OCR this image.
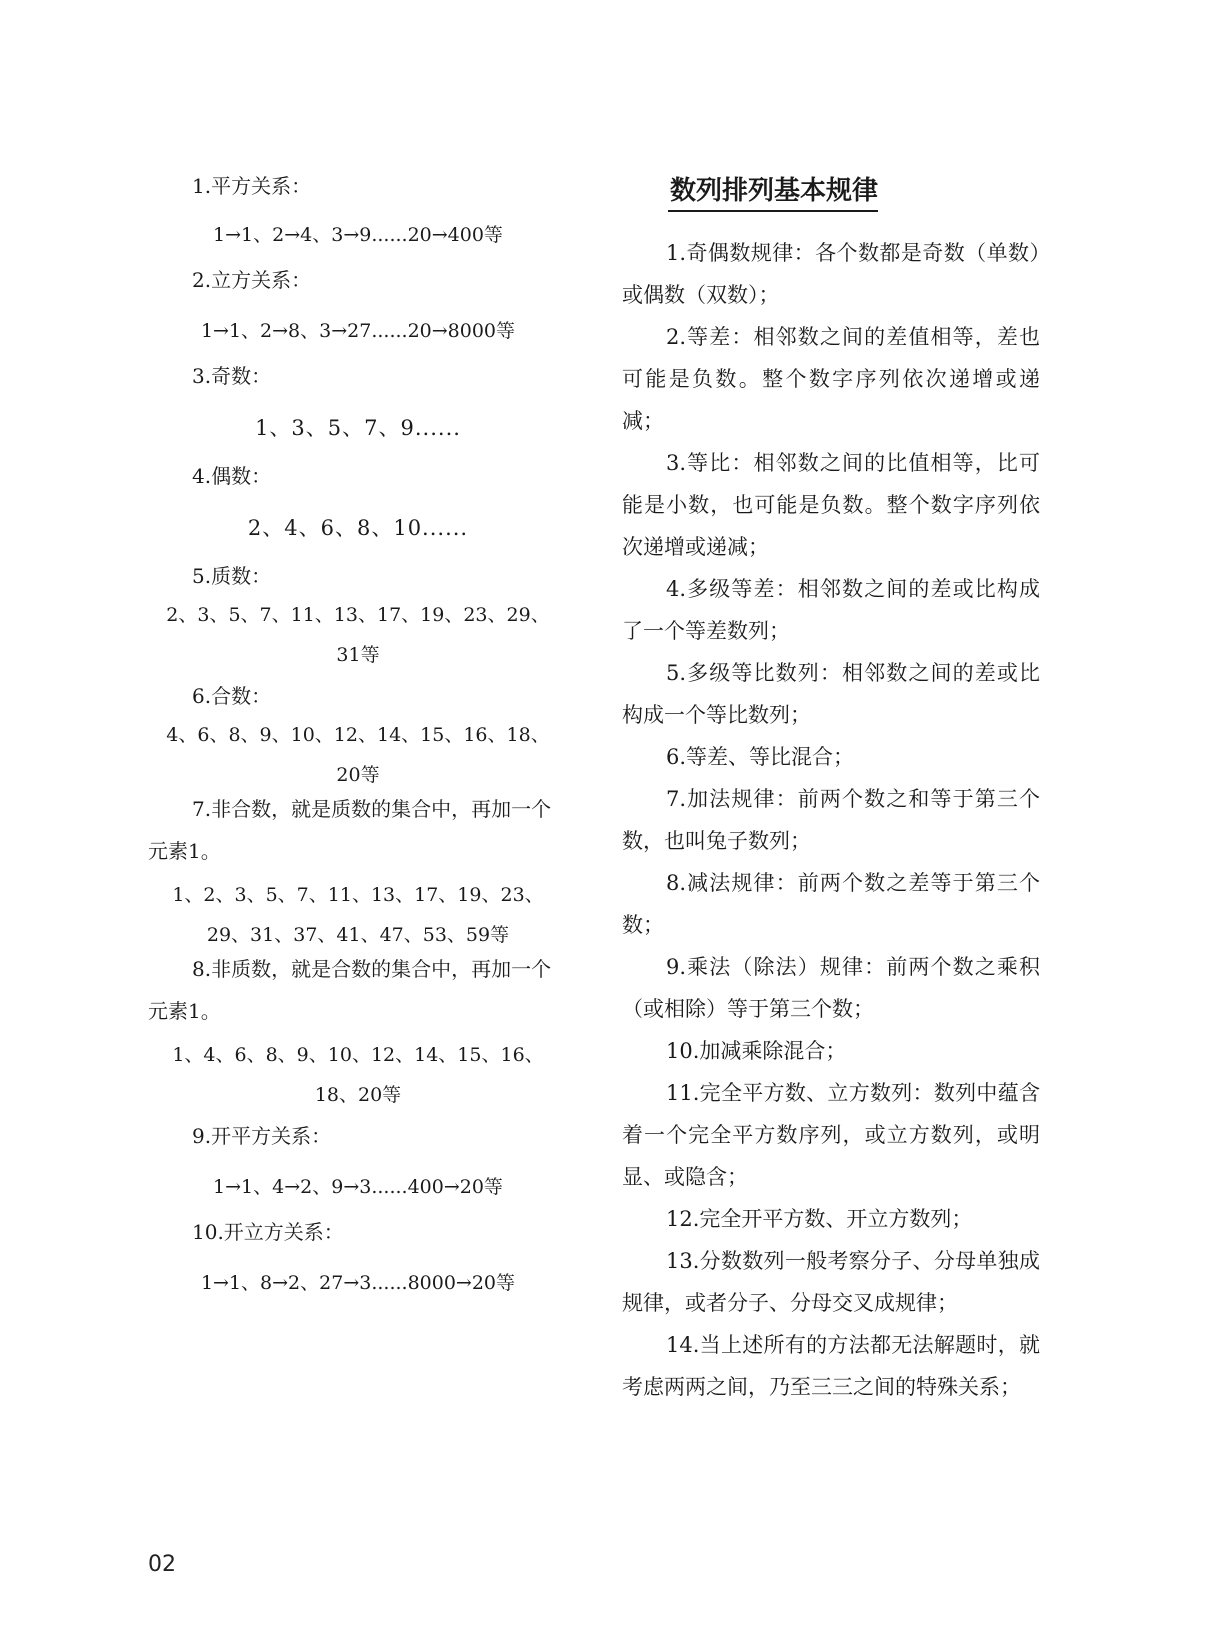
1.平方关系：
1→1、2→4、3→9......20→400等
2.立方关系：
1→1、2→8、3→27......20→8000等
3.奇数：
1、3、5、7、9......
4.偶数：
2、4、6、8、10......
5.质数：
2、3、5、7、11、13、17、19、23、29、
31等
6.合数：
4、6、8、9、10、12、14、15、16、18、
20等
7.非合数，就是质数的集合中，再加一个元素1。
1、2、3、5、7、11、13、17、19、23、
29、31、37、41、47、53、59等
8.非质数，就是合数的集合中，再加一个元素1。
1、4、6、8、9、10、12、14、15、16、
18、20等
9.开平方关系：
1→1、4→2、9→3......400→20等
10.开立方关系：
1→1、8→2、27→3......8000→20等
数列排列基本规律

1.奇偶数规律：各个数都是奇数（单数）或偶数（双数）；

2.等差：相邻数之间的差值相等，差也可能是负数。整个数字序列依次递增或递减；

3.等比：相邻数之间的比值相等，比可能是小数，也可能是负数。整个数字序列依次递增或递减；

4.多级等差：相邻数之间的差或比构成了一个等差数列；

5.多级等比数列：相邻数之间的差或比构成一个等比数列；

6.等差、等比混合；

7.加法规律：前两个数之和等于第三个数，也叫兔子数列；

8.减法规律：前两个数之差等于第三个数；

9.乘法（除法）规律：前两个数之乘积（或相除）等于第三个数；

10.加减乘除混合；

11.完全平方数、立方数列：数列中蕴含着一个完全平方数序列，或立方数列，或明显、或隐含；

12.完全开平方数、开立方数列；

13.分数数列一般考察分子、分母单独成规律，或者分子、分母交叉成规律；

14.当上述所有的方法都无法解题时，就考虑两两之间，乃至三三之间的特殊关系；

02
